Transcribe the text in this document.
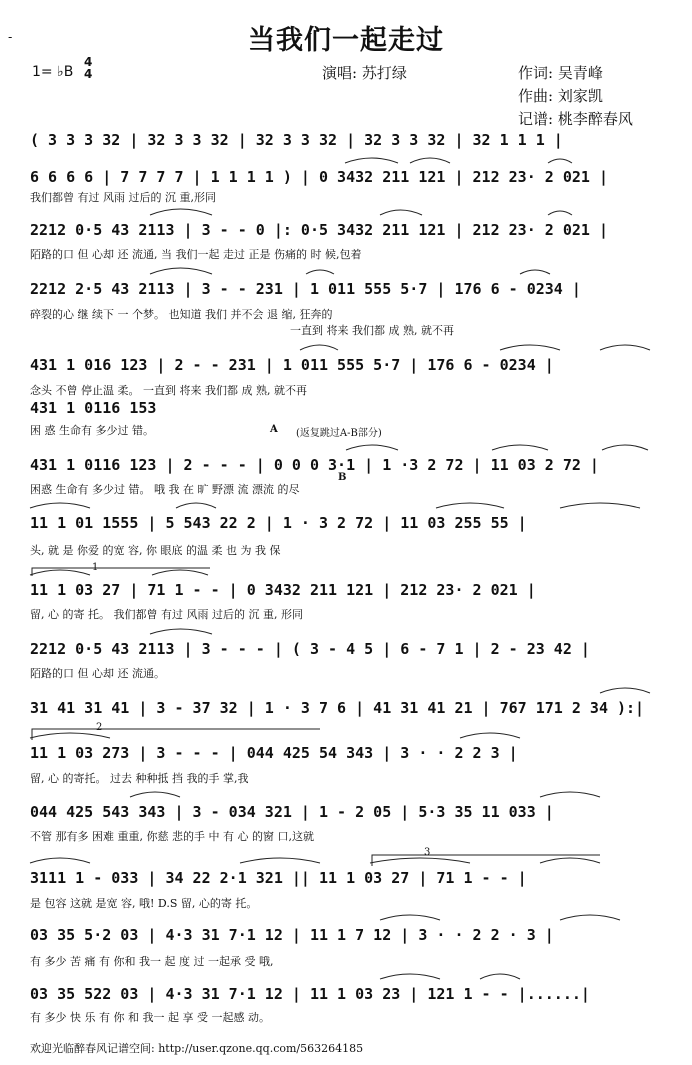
-	当我们一起走过
1= ♭B
4
4	演唱: 苏打绿	作词: 吴青峰
作曲: 刘家凯
记谱: 桃李醉春风
( 3 3 3 32 | 32 3 3 32 | 32 3 3 32 | 32 3 3 32 | 32 1 1 1 |
6 6 6 6 | 7 7 7 7 | 1 1 1 1 ) | 0 3432 211 121 | 212 23· 2 021 |
我们都曾 有过 风雨 过后的 沉 重,形同
2212 0·5 43 2113 | 3 - - 0 |: 0·5 3432 211 121 | 212 23· 2 021 |
陌路的口 但 心却 还 流通, 当 我们一起 走过 正是 伤痛的 时 候,包着
2212 2·5 43 2113 | 3 - - 231 | 1 011 555 5·7 | 176 6 - 0234 |
碎裂的心 继 续下 一 个梦。 也知道 我们 并不会 退 缩, 狂奔的
一直到 将来 我们都 成 熟, 就不再
431 1 016 123 | 2 - - 231 | 1 011 555 5·7 | 176 6 - 0234 |
念头 不曾 停止温 柔。 一直到 将来 我们都 成 熟, 就不再
431 1 0116 153
困 惑 生命有 多少过 错。	A (返复跳过A-B部分)
431 1 0116 123 | 2 - - - | 0 0 0 3·1 | 1 ·3 2 72 | 11 03 2 72 |
B
困惑 生命有 多少过 错。 哦 我 在 旷 野漂 流 漂流 的尽
11 1 01 1555 | 5 543 22 2 | 1 · 3 2 72 | 11 03 255 55 |
头, 就 是 你爱 的宽 容, 你 眼底 的温 柔 也 为 我 保
1
11 1 03 27 | 71 1 - - | 0 3432 211 121 | 212 23· 2 021 |
留, 心 的寄 托。 我们都曾 有过 风雨 过后的 沉 重, 形同
2212 0·5 43 2113 | 3 - - - | ( 3 - 4 5 | 6 - 7 1 | 2 - 23 42 |
陌路的口 但 心却 还 流通。
31 41 31 41 | 3 - 37 32 | 1 · 3 7 6 | 41 31 41 21 | 767 171 2 34 ):|
2
11 1 03 273 | 3 - - - | 044 425 54 343 | 3 · · 2 2 3 |
留, 心 的寄托。 过去 种种抵 挡 我的手 掌,我
044 425 543 343 | 3 - 034 321 | 1 - 2 05 | 5·3 35 11 033 |
不管 那有多 困难 重重, 你慈 悲的手 中 有 心 的窗 口,这就
3
3111 1 - 033 | 34 22 2·1 321 || 11 1 03 27 | 71 1 - - |
是 包容 这就 是宽 容, 哦! D.S 留, 心的寄 托。
03 35 5·2 03 | 4·3 31 7·1 12 | 11 1 7 12 | 3 · · 2 2 · 3 |
有 多少 苦 痛 有 你和 我一 起 度 过 一起承 受 哦,
03 35 522 03 | 4·3 31 7·1 12 | 11 1 03 23 | 121 1 - - |......|
有 多少 快 乐 有 你 和 我一 起 享 受 一起感 动。
欢迎光临醉春风记谱空间: http://user.qzone.qq.com/563264185
